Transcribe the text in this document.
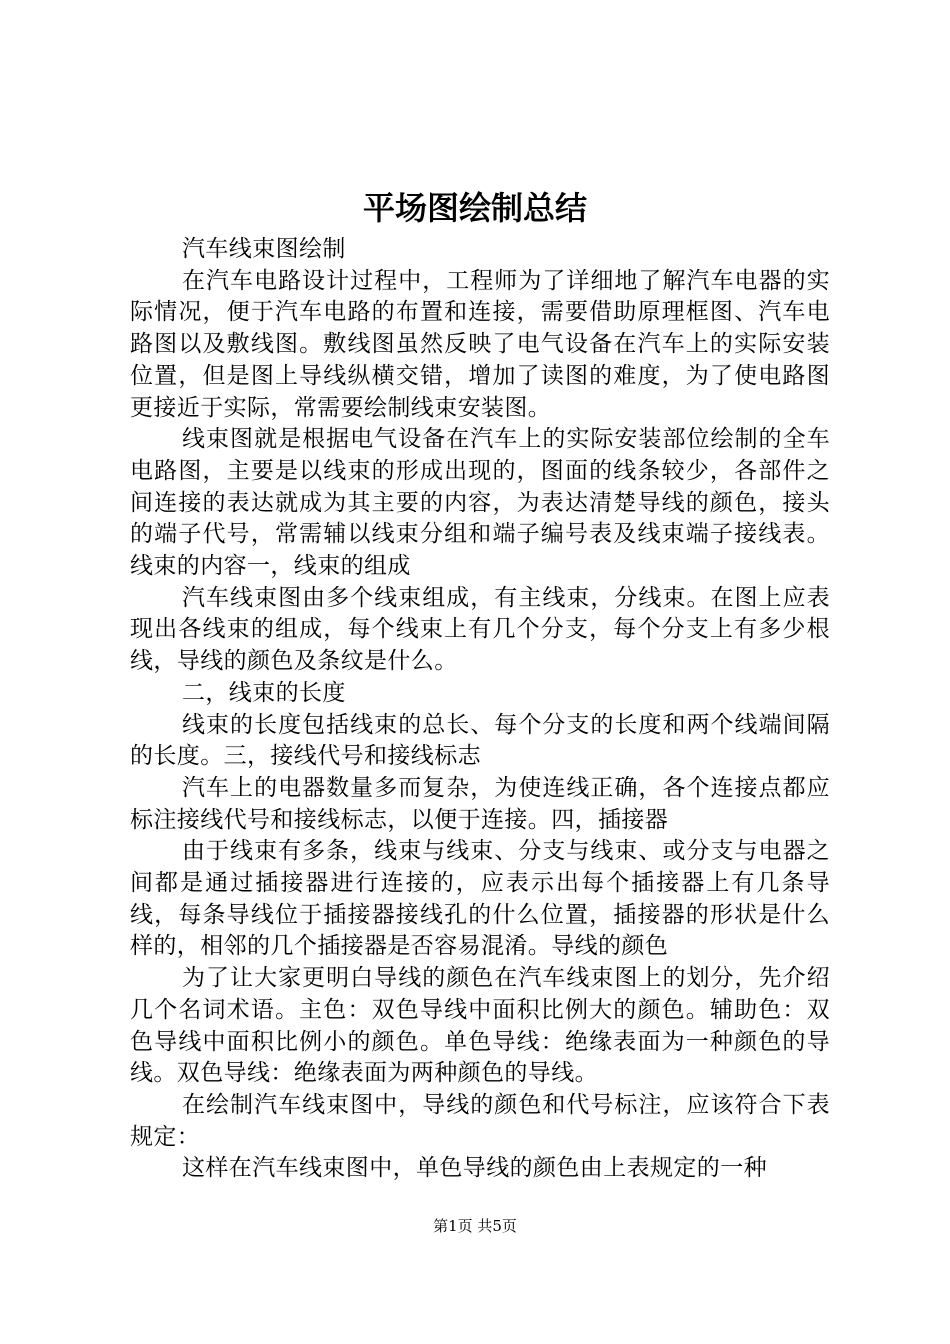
平场图绘制总结

汽车线束图绘制

在汽车电路设计过程中，工程师为了详细地了解汽车电器的实际情况，便于汽车电路的布置和连接，需要借助原理框图、汽车电路图以及敷线图。敷线图虽然反映了电气设备在汽车上的实际安装位置，但是图上导线纵横交错，增加了读图的难度，为了使电路图更接近于实际，常需要绘制线束安装图。

线束图就是根据电气设备在汽车上的实际安装部位绘制的全车电路图，主要是以线束的形成出现的，图面的线条较少，各部件之间连接的表达就成为其主要的内容，为表达清楚导线的颜色，接头的端子代号，常需辅以线束分组和端子编号表及线束端子接线表。线束的内容一，线束的组成

汽车线束图由多个线束组成，有主线束，分线束。在图上应表现出各线束的组成，每个线束上有几个分支，每个分支上有多少根线，导线的颜色及条纹是什么。

二，线束的长度

线束的长度包括线束的总长、每个分支的长度和两个线端间隔的长度。三，接线代号和接线标志

汽车上的电器数量多而复杂，为使连线正确，各个连接点都应标注接线代号和接线标志，以便于连接。四，插接器

由于线束有多条，线束与线束、分支与线束、或分支与电器之间都是通过插接器进行连接的，应表示出每个插接器上有几条导线，每条导线位于插接器接线孔的什么位置，插接器的形状是什么样的，相邻的几个插接器是否容易混淆。导线的颜色

为了让大家更明白导线的颜色在汽车线束图上的划分，先介绍几个名词术语。主色：双色导线中面积比例大的颜色。辅助色：双色导线中面积比例小的颜色。单色导线：绝缘表面为一种颜色的导线。双色导线：绝缘表面为两种颜色的导线。

在绘制汽车线束图中，导线的颜色和代号标注，应该符合下表规定：

这样在汽车线束图中，单色导线的颜色由上表规定的一种

第1页 共5页
